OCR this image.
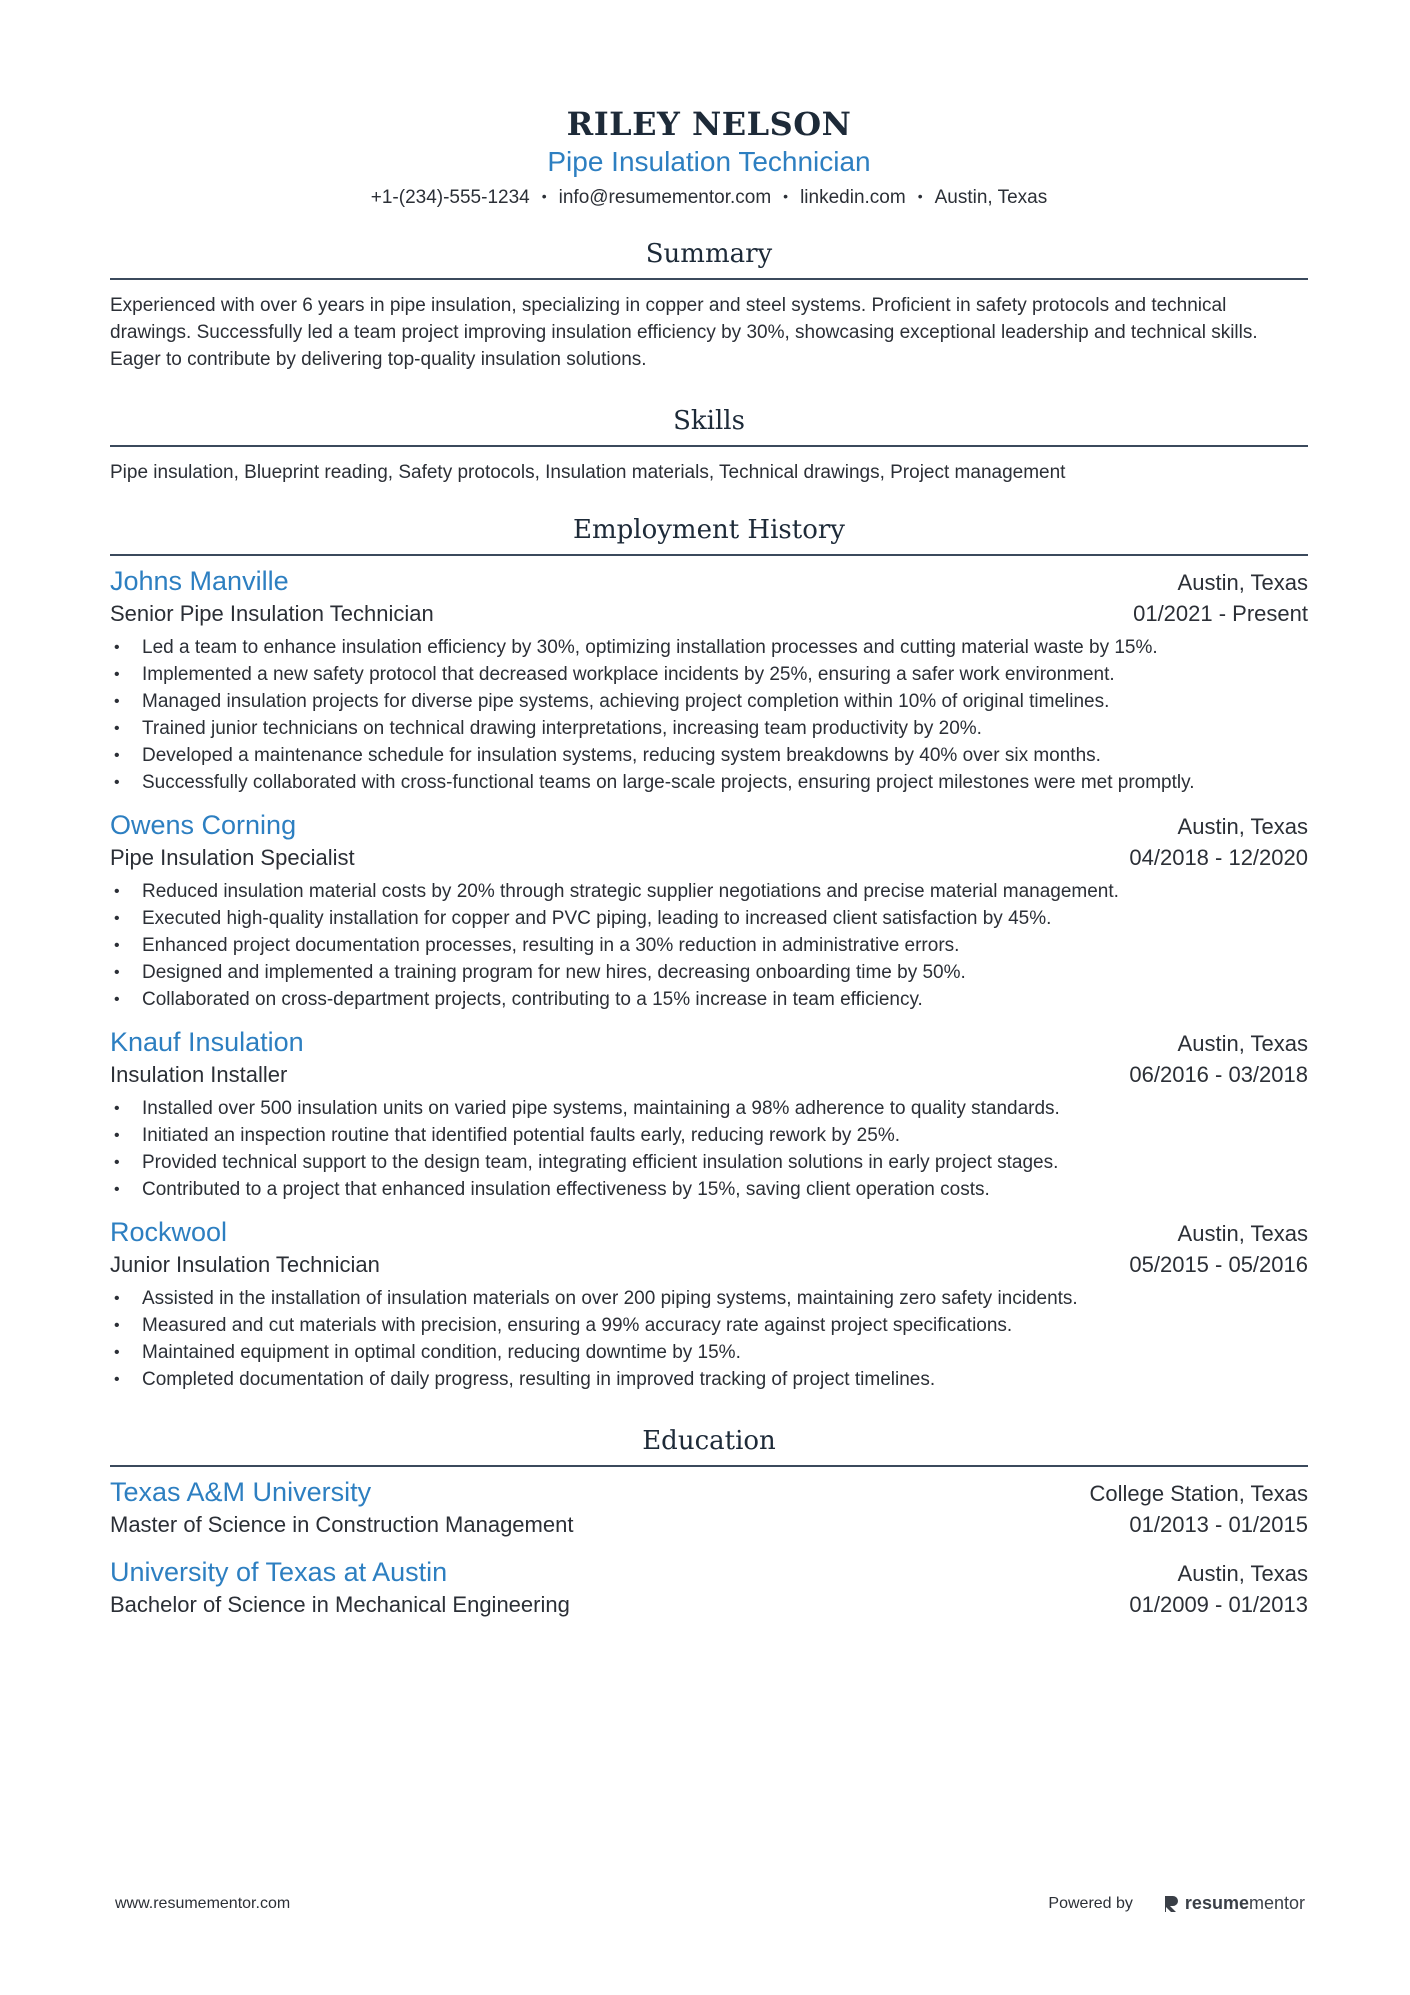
RILEY NELSON
Pipe Insulation Technician
+1-(234)-555-1234 • info@resumementor.com • linkedin.com • Austin, Texas
Summary

Experienced with over 6 years in pipe insulation, specializing in copper and steel systems. Proficient in safety protocols and technical drawings. Successfully led a team project improving insulation efficiency by 30%, showcasing exceptional leadership and technical skills. Eager to contribute by delivering top-quality insulation solutions.

Skills

Pipe insulation, Blueprint reading, Safety protocols, Insulation materials, Technical drawings, Project management

Employment History
Johns Manville	Austin, Texas
Senior Pipe Insulation Technician	01/2021 - Present
• Led a team to enhance insulation efficiency by 30%, optimizing installation processes and cutting material waste by 15%.
• Implemented a new safety protocol that decreased workplace incidents by 25%, ensuring a safer work environment.
• Managed insulation projects for diverse pipe systems, achieving project completion within 10% of original timelines.
• Trained junior technicians on technical drawing interpretations, increasing team productivity by 20%.
• Developed a maintenance schedule for insulation systems, reducing system breakdowns by 40% over six months.
• Successfully collaborated with cross-functional teams on large-scale projects, ensuring project milestones were met promptly.
Owens Corning	Austin, Texas
Pipe Insulation Specialist	04/2018 - 12/2020
• Reduced insulation material costs by 20% through strategic supplier negotiations and precise material management.
• Executed high-quality installation for copper and PVC piping, leading to increased client satisfaction by 45%.
• Enhanced project documentation processes, resulting in a 30% reduction in administrative errors.
• Designed and implemented a training program for new hires, decreasing onboarding time by 50%.
• Collaborated on cross-department projects, contributing to a 15% increase in team efficiency.
Knauf Insulation	Austin, Texas
Insulation Installer	06/2016 - 03/2018
• Installed over 500 insulation units on varied pipe systems, maintaining a 98% adherence to quality standards.
• Initiated an inspection routine that identified potential faults early, reducing rework by 25%.
• Provided technical support to the design team, integrating efficient insulation solutions in early project stages.
• Contributed to a project that enhanced insulation effectiveness by 15%, saving client operation costs.
Rockwool	Austin, Texas
Junior Insulation Technician	05/2015 - 05/2016
• Assisted in the installation of insulation materials on over 200 piping systems, maintaining zero safety incidents.
• Measured and cut materials with precision, ensuring a 99% accuracy rate against project specifications.
• Maintained equipment in optimal condition, reducing downtime by 15%.
• Completed documentation of daily progress, resulting in improved tracking of project timelines.
Education
Texas A&M University	College Station, Texas
Master of Science in Construction Management	01/2013 - 01/2015
University of Texas at Austin	Austin, Texas
Bachelor of Science in Mechanical Engineering	01/2009 - 01/2013
www.resumementor.com	Powered by	resumementor
